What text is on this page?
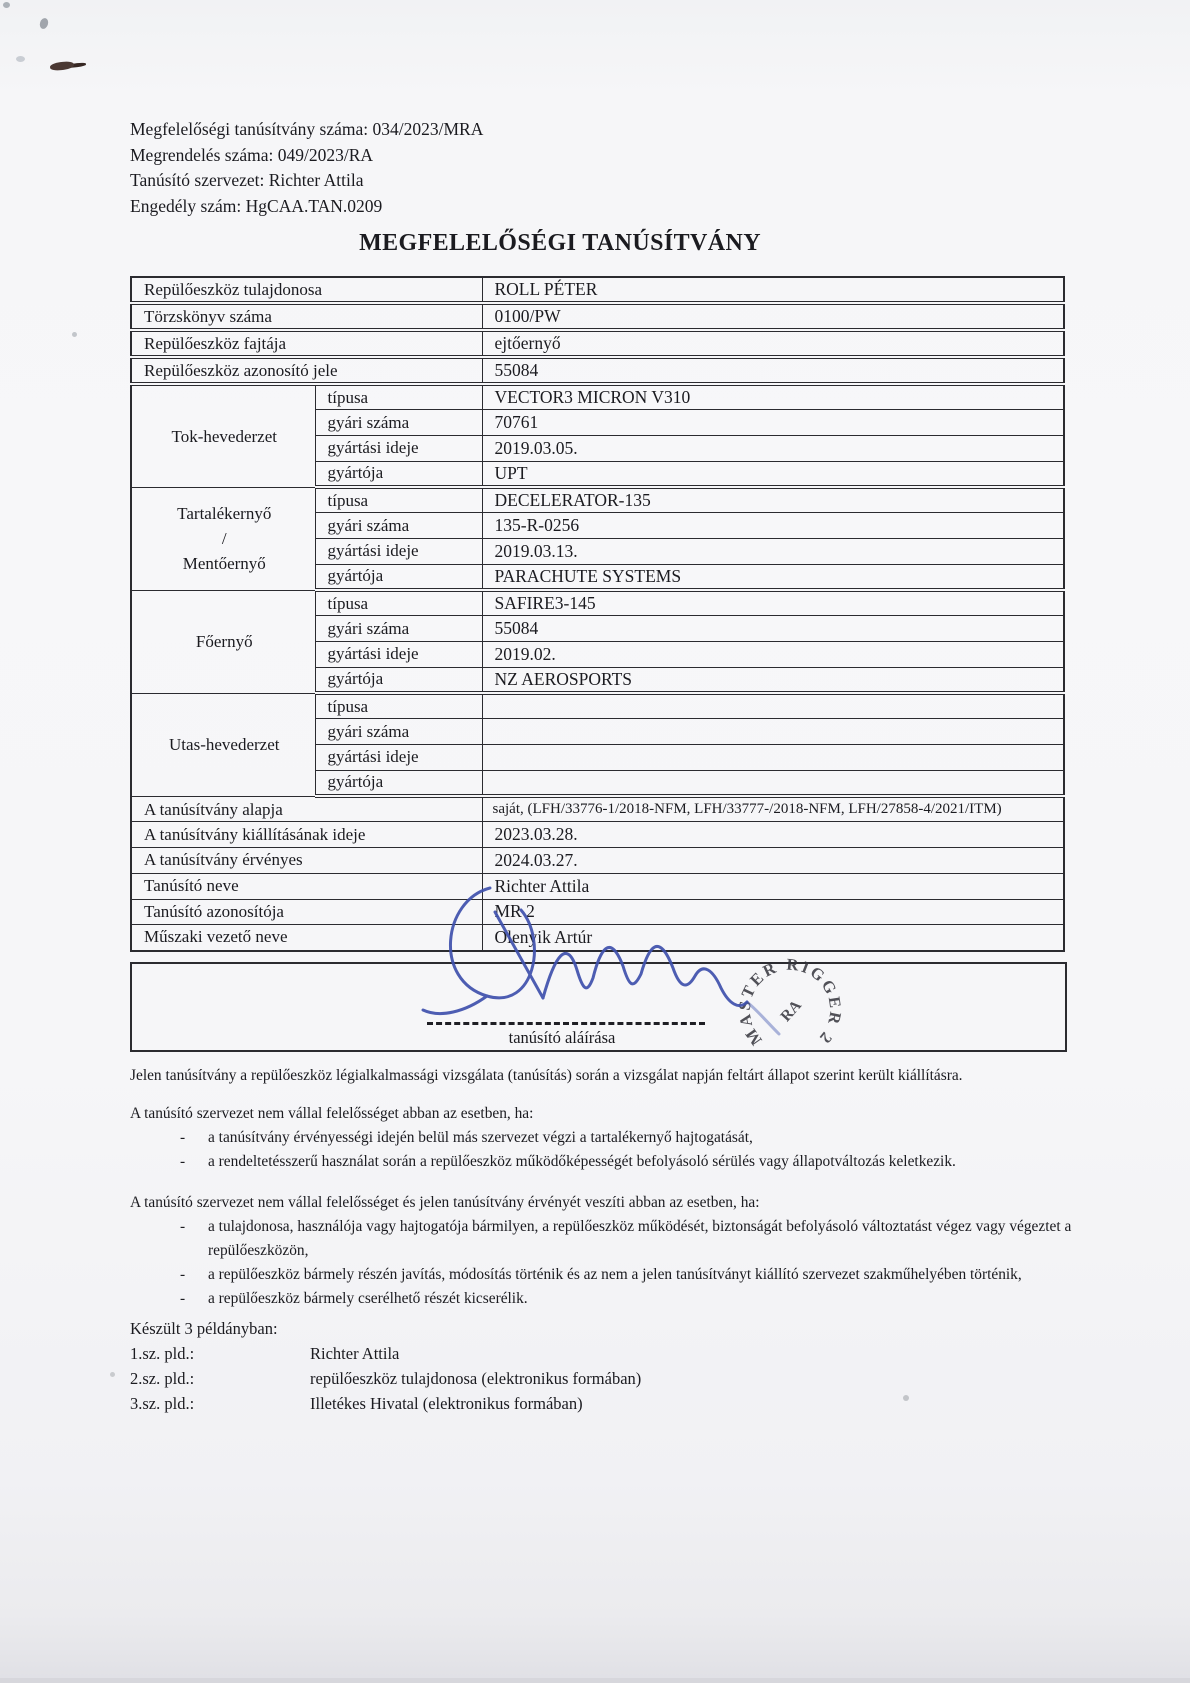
Megfelelőségi tanúsítvány száma: 034/2023/MRA
Megrendelés száma: 049/2023/RA
Tanúsító szervezet: Richter Attila
Engedély szám: HgCAA.TAN.0209
MEGFELELŐSÉGI TANÚSÍTVÁNY
Repülőeszköz tulajdonosa		ROLL PÉTER
Törzskönyv száma		0100/PW
Repülőeszköz fajtája		ejtőernyő
Repülőeszköz azonosító jele		55084

Tok-hevederzet	típusa	VECTOR3 MICRON V310
	gyári száma	70761
	gyártási ideje	2019.03.05.
	gyártója	UPT

Tartalékernyő
/
Mentőernyő	típusa	DECELERATOR-135
	gyári száma	135-R-0256
	gyártási ideje	2019.03.13.
	gyártója	PARACHUTE SYSTEMS

Főernyő	típusa	SAFIRE3-145
	gyári száma	55084
	gyártási ideje	2019.02.
	gyártója	NZ AEROSPORTS

Utas-hevederzet	típusa	
	gyári száma	
	gyártási ideje	
	gyártója	
A tanúsítvány alapja		saját, (LFH/33776-1/2018-NFM, LFH/33777-/2018-NFM, LFH/27858-4/2021/ITM)
A tanúsítvány kiállításának ideje		2023.03.28.
A tanúsítvány érvényes		2024.03.27.
Tanúsító neve		Richter Attila
Tanúsító azonosítója		MR 2
Műszaki vezető neve		Olenyik Artúr
tanúsító aláírása	MASTER RIGGER 2
RA

Jelen tanúsítvány a repülőeszköz légialkalmassági vizsgálata (tanúsítás) során a vizsgálat napján feltárt állapot szerint került kiállításra.

A tanúsító szervezet nem vállal felelősséget abban az esetben, ha:

-	a tanúsítvány érvényességi idején belül más szervezet végzi a tartalékernyő hajtogatását,
-	a rendeltetésszerű használat során a repülőeszköz működőképességét befolyásoló sérülés vagy állapotváltozás keletkezik.

A tanúsító szervezet nem vállal felelősséget és jelen tanúsítvány érvényét veszíti abban az esetben, ha:

-	a tulajdonosa, használója vagy hajtogatója bármilyen, a repülőeszköz működését, biztonságát befolyásoló változtatást végez vagy végeztet a repülőeszközön,
-	a repülőeszköz bármely részén javítás, módosítás történik és az nem a jelen tanúsítványt kiállító szervezet szakműhelyében történik,
-	a repülőeszköz bármely cserélhető részét kicserélik.
Készült 3 példányban:
1.sz. pld.:	Richter Attila
2.sz. pld.:	repülőeszköz tulajdonosa (elektronikus formában)
3.sz. pld.:	Illetékes Hivatal (elektronikus formában)
